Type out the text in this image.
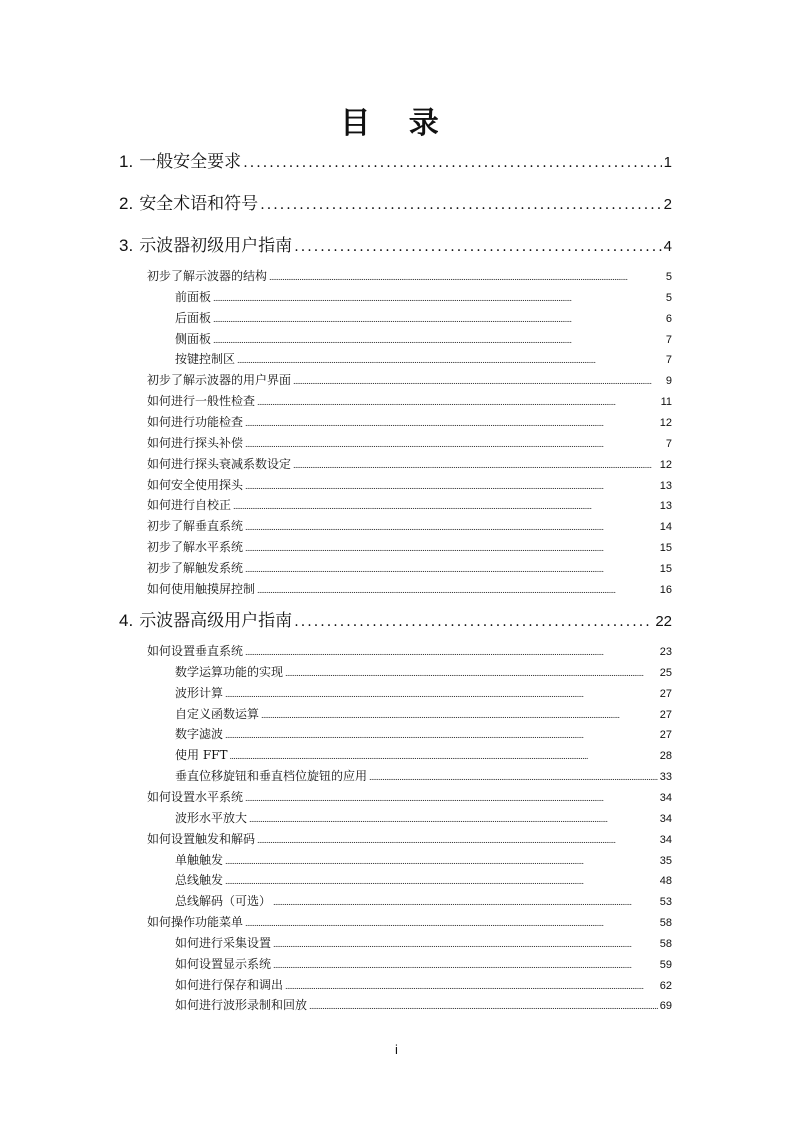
目 录
1. 一般安全要求 . . .	1
2. 安全术语和符号 . . .	2
3. 示波器初级用户指南 . . .	4
初步了解示波器的结构 . . .	5
前面板 . . .	5
后面板 . . .	6
侧面板 . . .	7
按键控制区 . . .	7
初步了解示波器的用户界面 . . .	9
如何进行一般性检查 . . .	11
如何进行功能检查 . . .	12
如何进行探头补偿 . . .	7
如何进行探头衰减系数设定 . . .	12
如何安全使用探头 . . .	13
如何进行自校正 . . .	13
初步了解垂直系统 . . .	14
初步了解水平系统 . . .	15
初步了解触发系统 . . .	15
如何使用触摸屏控制 . . .	16
4. 示波器高级用户指南 . . .	22
如何设置垂直系统 . . .	23
数学运算功能的实现 . . .	25
波形计算 . . .	27
自定义函数运算 . . .	27
数字滤波 . . .	27
使用 FFT . . .	28
垂直位移旋钮和垂直档位旋钮的应用 . . .	33
如何设置水平系统 . . .	34
波形水平放大 . . .	34
如何设置触发和解码 . . .	34
单触触发 . . .	35
总线触发 . . .	48
总线解码（可选） . . .	53
如何操作功能菜单 . . .	58
如何进行采集设置 . . .	58
如何设置显示系统 . . .	59
如何进行保存和调出 . . .	62
如何进行波形录制和回放 . . .	69
i
